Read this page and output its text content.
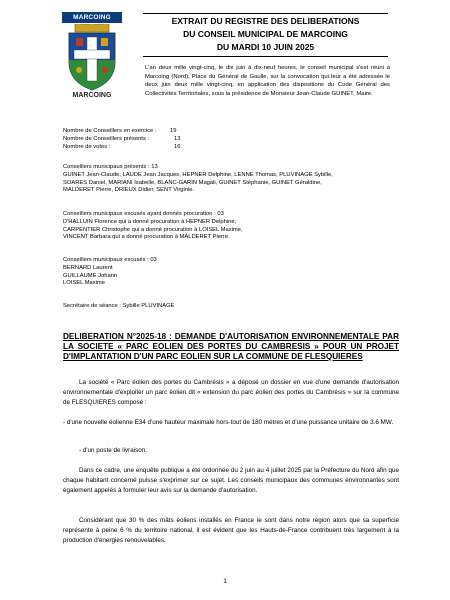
MARCOING
MARCOING
EXTRAIT DU REGISTRE DES DELIBERATIONS
DU CONSEIL MUNICIPAL DE MARCOING
DU MARDI 10 JUIN 2025
L'an deux mille vingt-cinq, le dix juin à dix-neuf heures, le conseil municipal s'est réuni à Marcoing (Nord), Place du Général de Gaulle, sur la convocation qui leur a été adressée le deux juin deux mille vingt-cinq, en application des dispositions du Code Général des Collectivités Territoriales, sous la présidence de Monsieur Jean-Claude GUINET, Maire.
Nombre de Conseillers en exercice : 19
Nombre de Conseillers présents :	13
Nombre de votes :	16
Conseillers municipaux présents : 13
GUINET Jean-Claude, LAUDE Jean Jacques, HEPNER Delphine, LENNE Thomas, PLUVINAGE Sybille,
SOARES Daniel, MARIANI Isabelle, BLANC-GARIN Magali, GUINET Stéphanie, GUINET Géraldine,
MALDERET Pierre, DRIEUX Didier, SENT Virginie.
Conseillers municipaux excusés ayant donnés procuration : 03
D'HALLUIN Florence qui a donné procuration à HEPNER Delphine,
CARPENTIER Christophe qui a donné procuration à LOISEL Maxime,
VINCENT Barbara qui a donné procuration à MALDERET Pierre.
Conseillers municipaux excusés : 03
BERNARD Laurent
GUILLAUME Johann
LOISEL Maxime
Secrétaire de séance : Sybille PLUVINAGE
DELIBERATION N°2025-18 : DEMANDE D'AUTORISATION ENVIRONNEMENTALE PAR LA SOCIETE « PARC EOLIEN DES PORTES DU CAMBRESIS » POUR UN PROJET D'IMPLANTATION D'UN PARC EOLIEN SUR LA COMMUNE DE FLESQUIERES
La société « Parc éolien des portes du Cambrésis » a déposé un dossier en vue d'une demande d'autorisation environnementale d'exploiter un parc éolien dit « extension du parc éolien des portes du Cambrésis » sur la commune de FLESQUIERES composé :
- d'une nouvelle éolienne E34 d'une hauteur maximale hors-tout de 180 mètres et d'une puissance unitaire de 3.6 MW.
- d'un poste de livraison.
Dans ce cadre, une enquête publique a été ordonnée du 2 juin au 4 juillet 2025 par la Préfecture du Nord afin que chaque habitant concerné puisse s'exprimer sur ce sujet. Les conseils municipaux des communes environnantes sont également appelés à formuler leur avis sur la demande d'autorisation.
Considérant que 30 % des mâts éoliens installés en France le sont dans notre région alors que sa superficie représente à peine 6 % du territoire national, il est évident que les Hauts-de-France contribuent très largement à la production d'énergies renouvelables.
1
